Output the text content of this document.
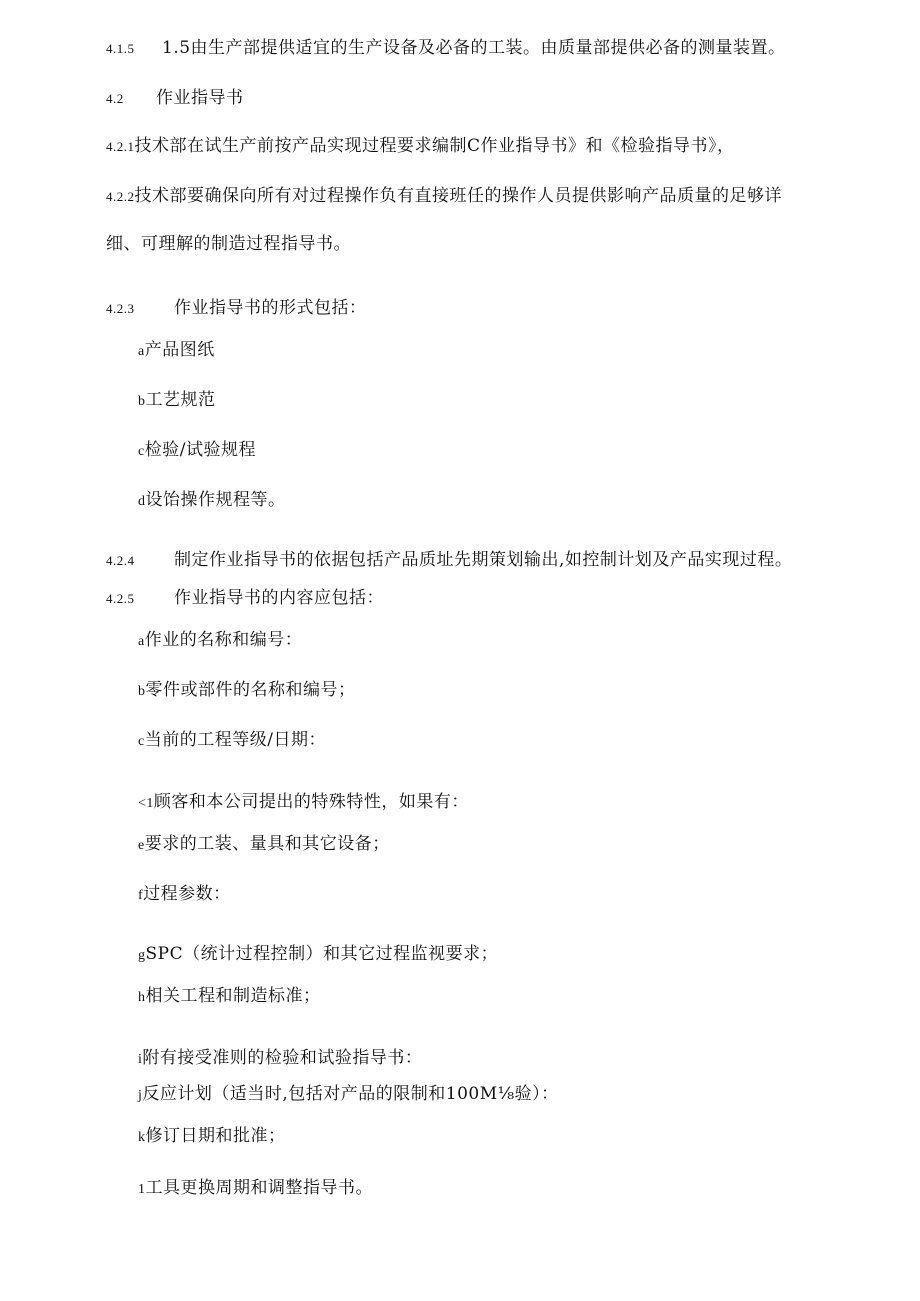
4.1.5 1.5由生产部提供适宜的生产设备及必备的工装。由质量部提供必备的测量装置。
4.2 作业指导书
4.2.1技术部在试生产前按产品实现过程要求编制C作业指导书》和《检验指导书》，
4.2.2技术部要确保向所有对过程操作负有直接班任的操作人员提供影响产品质量的足够详
细、可理解的制造过程指导书。
4.2.3 作业指导书的形式包括：
a产品图纸
b工艺规范
c检验/试验规程
d设饴操作规程等。
4.2.4 制定作业指导书的依据包括产品质址先期策划输出,如控制计划及产品实现过程。
4.2.5 作业指导书的内容应包括：
a作业的名称和编号：
b零件或部件的名称和编号；
c当前的工程等级/日期：
<1顾客和本公司提出的特殊特性，如果有：
e要求的工装、量具和其它设备；
f过程参数：
gSPC（统计过程控制）和其它过程监视要求；
h相关工程和制造标准；
i附有接受准则的检验和试验指导书：
j反应计划（适当时,包括对产品的限制和100M⅛验）：
k修订日期和批准；
1工具更换周期和调整指导书。
